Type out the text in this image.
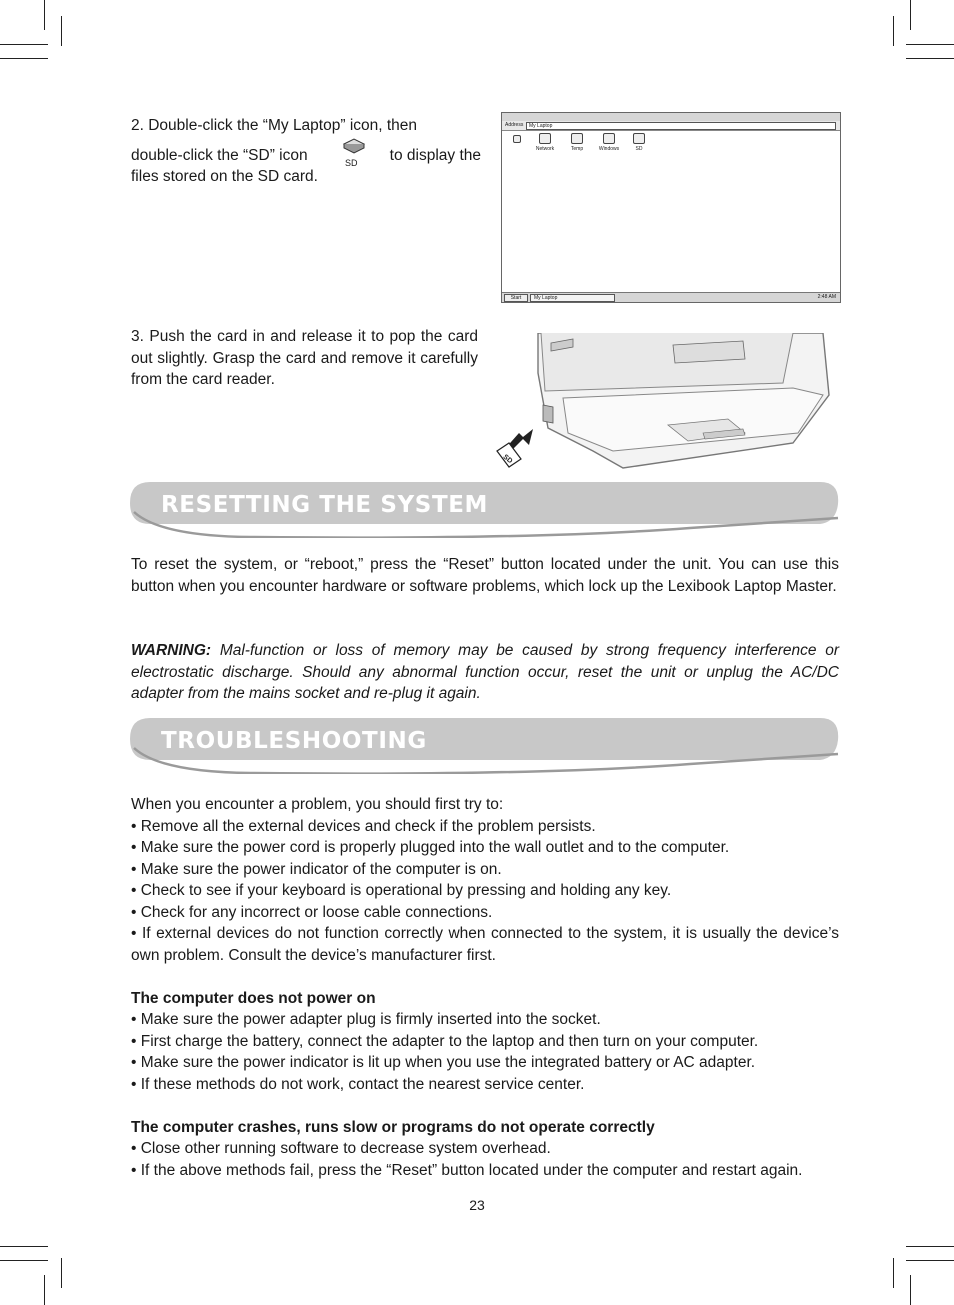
2. Double-click the “My Laptop” icon, then
double-click the “SD” icon	to display the
files stored on the SD card.
SD
Address My Laptop
Network	Temp	Windows	SD
Start	My Laptop	2:48 AM
3. Push the card in and release it to pop the card out slightly. Grasp the card and remove it carefully from the card reader.
SD
RESETTING THE SYSTEM
To reset the system, or “reboot,” press the “Reset” button located under the unit. You can use this button when you encounter hardware or software problems, which lock up the Lexibook Laptop Master.
WARNING: Mal-function or loss of memory may be caused by strong frequency interference or electrostatic discharge. Should any abnormal function occur, reset the unit or unplug the AC/DC adapter from the mains socket and re-plug it again.
TROUBLESHOOTING

When you encounter a problem, you should first try to:

• Remove all the external devices and check if the problem persists.

• Make sure the power cord is properly plugged into the wall outlet and to the computer.

• Make sure the power indicator of the computer is on.

• Check to see if your keyboard is operational by pressing and holding any key.

• Check for any incorrect or loose cable connections.

• If external devices do not function correctly when connected to the system, it is usually the device’s own problem. Consult the device’s manufacturer first.

The computer does not power on

• Make sure the power adapter plug is firmly inserted into the socket.

• First charge the battery, connect the adapter to the laptop and then turn on your computer.

• Make sure the power indicator is lit up when you use the integrated battery or AC adapter.

• If these methods do not work, contact the nearest service center.

The computer crashes, runs slow or programs do not operate correctly

• Close other running software to decrease system overhead.

• If the above methods fail, press the “Reset” button located under the computer and restart again.

23
